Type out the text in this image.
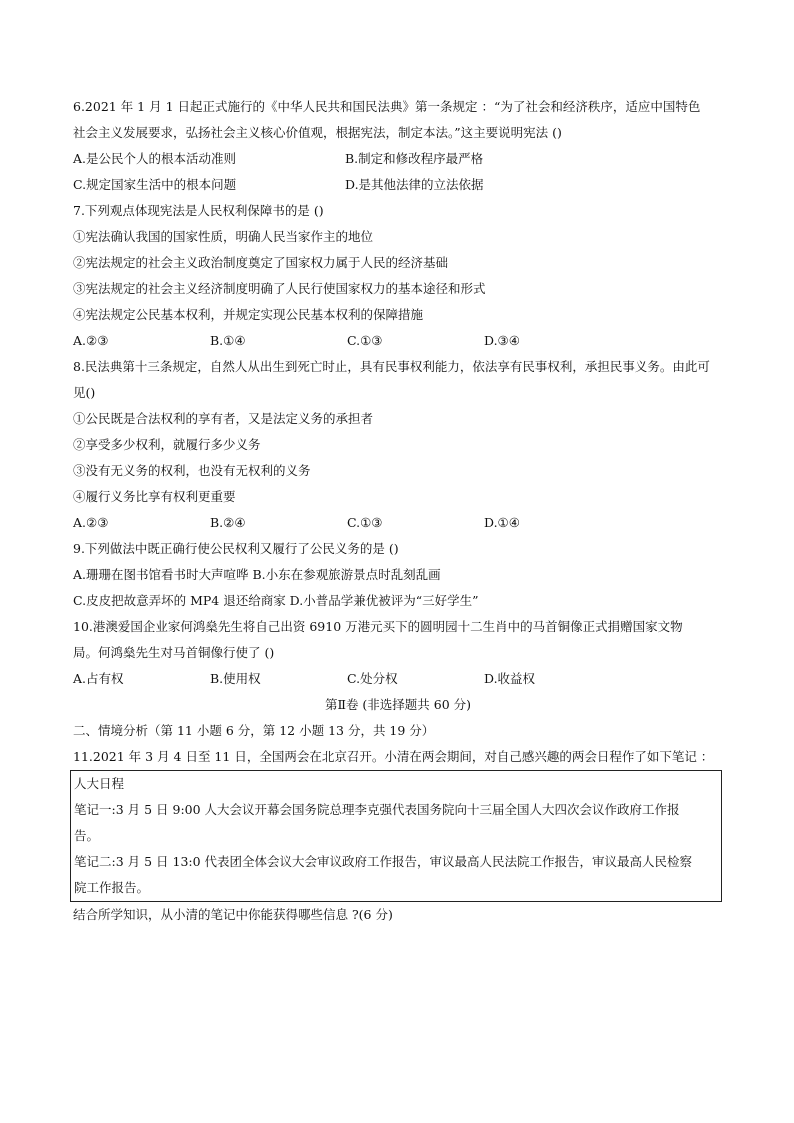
6.2021 年 1 月 1 日起正式施行的《中华人民共和国民法典》第一条规定 ：“为了社会和经济秩序，适应中国特色
社会主义发展要求，弘扬社会主义核心价值观，根据宪法，制定本法。”这主要说明宪法 ()
A.是公民个人的根本活动准则	B.制定和修改程序最严格
C.规定国家生活中的根本问题	D.是其他法律的立法依据
7.下列观点体现宪法是人民权利保障书的是 ()
①宪法确认我国的国家性质，明确人民当家作主的地位
②宪法规定的社会主义政治制度奠定了国家权力属于人民的经济基础
③宪法规定的社会主义经济制度明确了人民行使国家权力的基本途径和形式
④宪法规定公民基本权利，并规定实现公民基本权利的保障措施
A.②③	B.①④	C.①③	D.③④
8.民法典第十三条规定，自然人从出生到死亡时止，具有民事权利能力，依法享有民事权利，承担民事义务。由此可
见()
①公民既是合法权利的享有者，又是法定义务的承担者
②享受多少权利，就履行多少义务
③没有无义务的权利，也没有无权利的义务
④履行义务比享有权利更重要
A.②③	B.②④	C.①③	D.①④
9.下列做法中既正确行使公民权利又履行了公民义务的是 ()
A.珊珊在图书馆看书时大声喧哗 B.小东在参观旅游景点时乱刻乱画
C.皮皮把故意弄坏的 MP4 退还给商家 D.小普品学兼优被评为“三好学生”
10.港澳爱国企业家何鸿燊先生将自己出资 6910 万港元买下的圆明园十二生肖中的马首铜像正式捐赠国家文物
局。何鸿燊先生对马首铜像行使了 ()
A.占有权	B.使用权	C.处分权	D.收益权
第Ⅱ卷 (非选择题共 60 分)
二、情境分析（第 11 小题 6 分，第 12 小题 13 分，共 19 分）
11.2021 年 3 月 4 日至 11 日，全国两会在北京召开。小清在两会期间，对自己感兴趣的两会日程作了如下笔记 ：
人大日程
笔记一:3 月 5 日 9:00 人大会议开幕会国务院总理李克强代表国务院向十三届全国人大四次会议作政府工作报
告。
笔记二:3 月 5 日 13:0 代表团全体会议大会审议政府工作报告，审议最高人民法院工作报告，审议最高人民检察
院工作报告。
结合所学知识，从小清的笔记中你能获得哪些信息 ?(6 分)
